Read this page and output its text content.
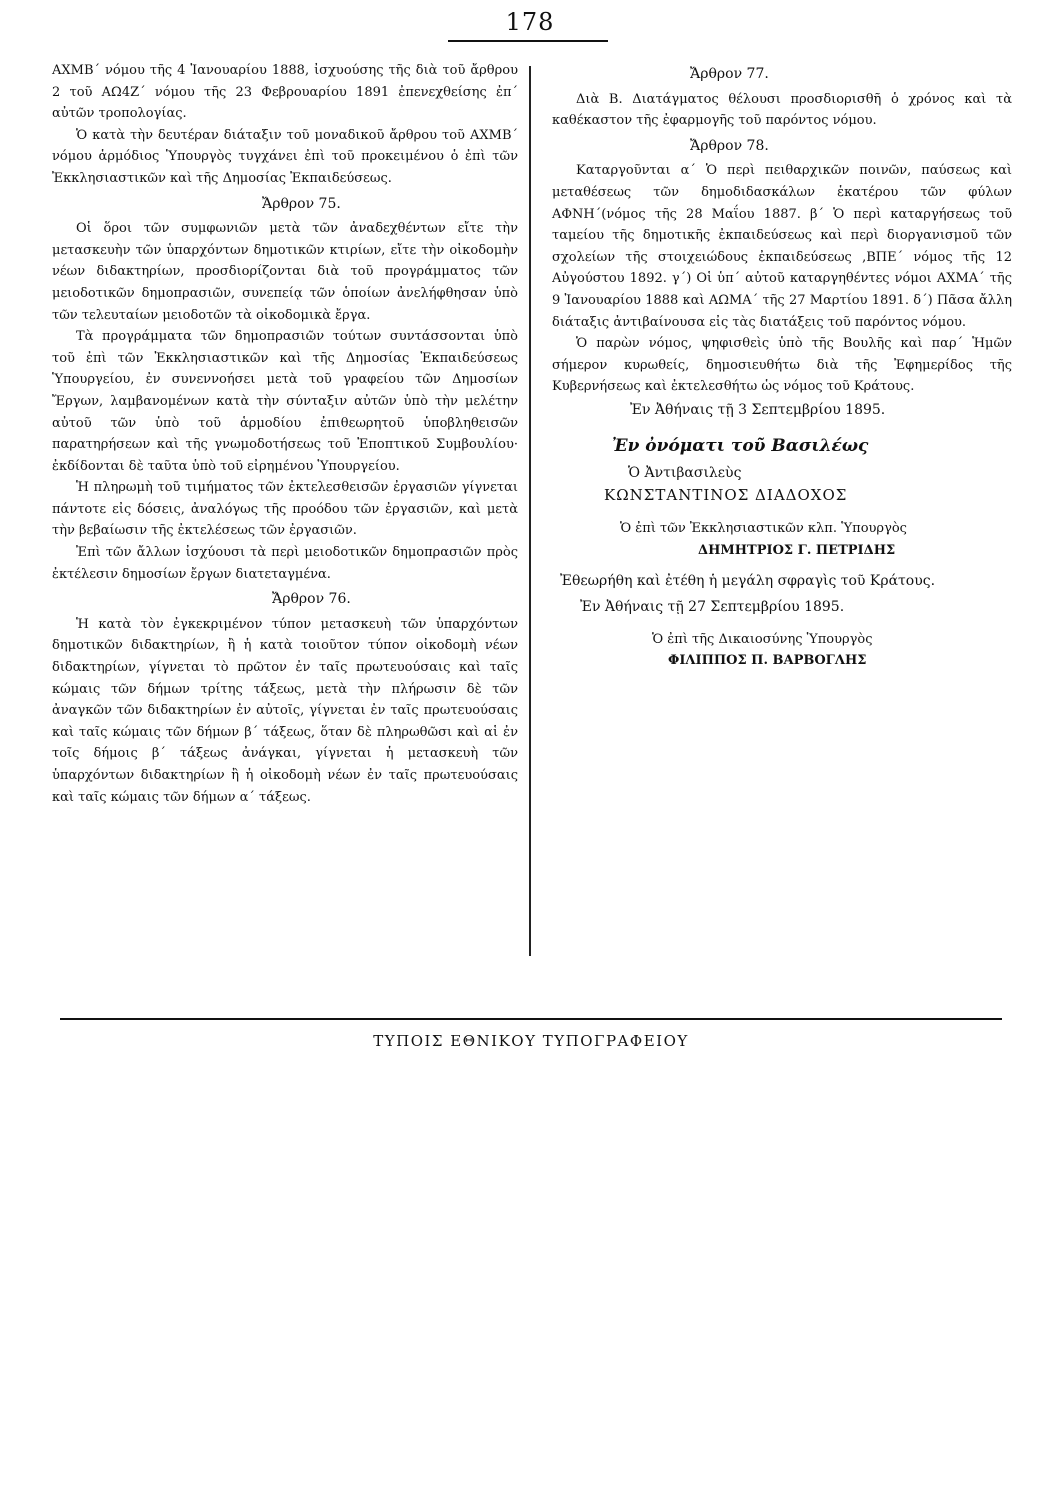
178

ΑΧΜΒ΄ νόμου τῆς 4 Ἰανουαρίου 1888, ἰσχυούσης τῆς διὰ τοῦ ἄρθρου 2 τοῦ ΑΩ4Ζ΄ νόμου τῆς 23 Φεβρουαρίου 1891 ἐπενεχθείσης ἐπ΄ αὐτῶν τροπολογίας.

Ὁ κατὰ τὴν δευτέραν διάταξιν τοῦ μοναδικοῦ ἄρθρου τοῦ ΑΧΜΒ΄ νόμου ἁρμόδιος Ὑπουργὸς τυγχάνει ἐπὶ τοῦ προκειμένου ὁ ἐπὶ τῶν Ἐκκλησιαστικῶν καὶ τῆς Δημοσίας Ἐκπαιδεύσεως.

Ἄρθρον 75.

Οἱ ὅροι τῶν συμφωνιῶν μετὰ τῶν ἀναδεχθέντων εἴτε τὴν μετασκευὴν τῶν ὑπαρχόντων δημοτικῶν κτιρίων, εἴτε τὴν οἰκοδομὴν νέων διδακτηρίων, προσδιορίζονται διὰ τοῦ προγράμματος τῶν μειοδοτικῶν δημοπρασιῶν, συνεπείᾳ τῶν ὁποίων ἀνελήφθησαν ὑπὸ τῶν τελευταίων μειοδοτῶν τὰ οἰκοδομικὰ ἔργα.

Τὰ προγράμματα τῶν δημοπρασιῶν τούτων συντάσσονται ὑπὸ τοῦ ἐπὶ τῶν Ἐκκλησιαστικῶν καὶ τῆς Δημοσίας Ἐκπαιδεύσεως Ὑπουργείου, ἐν συνεννοήσει μετὰ τοῦ γραφείου τῶν Δημοσίων Ἔργων, λαμβανομένων κατὰ τὴν σύνταξιν αὐτῶν ὑπὸ τὴν μελέτην αὐτοῦ τῶν ὑπὸ τοῦ ἁρμοδίου ἐπιθεωρητοῦ ὑποβληθεισῶν παρατηρήσεων καὶ τῆς γνωμοδοτήσεως τοῦ Ἐποπτικοῦ Συμβουλίου· ἐκδίδονται δὲ ταῦτα ὑπὸ τοῦ εἰρημένου Ὑπουργείου.

Ἡ πληρωμὴ τοῦ τιμήματος τῶν ἐκτελεσθεισῶν ἐργασιῶν γίγνεται πάντοτε εἰς δόσεις, ἀναλόγως τῆς προόδου τῶν ἐργασιῶν, καὶ μετὰ τὴν βεβαίωσιν τῆς ἐκτελέσεως τῶν ἐργασιῶν.

Ἐπὶ τῶν ἄλλων ἰσχύουσι τὰ περὶ μειοδοτικῶν δημοπρασιῶν πρὸς ἐκτέλεσιν δημοσίων ἔργων διατεταγμένα.

Ἄρθρον 76.

Ἡ κατὰ τὸν ἐγκεκριμένον τύπον μετασκευὴ τῶν ὑπαρχόντων δημοτικῶν διδακτηρίων, ἢ ἡ κατὰ τοιοῦτον τύπον οἰκοδομὴ νέων διδακτηρίων, γίγνεται τὸ πρῶτον ἐν ταῖς πρωτευούσαις καὶ ταῖς κώμαις τῶν δήμων τρίτης τάξεως, μετὰ τὴν πλήρωσιν δὲ τῶν ἀναγκῶν τῶν διδακτηρίων ἐν αὐτοῖς, γίγνεται ἐν ταῖς πρωτευούσαις καὶ ταῖς κώμαις τῶν δήμων β΄ τάξεως, ὅταν δὲ πληρωθῶσι καὶ αἱ ἐν τοῖς δήμοις β΄ τάξεως ἀνάγκαι, γίγνεται ἡ μετασκευὴ τῶν ὑπαρχόντων διδακτηρίων ἢ ἡ οἰκοδομὴ νέων ἐν ταῖς πρωτευούσαις καὶ ταῖς κώμαις τῶν δήμων α΄ τάξεως.

Ἄρθρον 77.

Διὰ Β. Διατάγματος θέλουσι προσδιορισθῆ ὁ χρόνος καὶ τὰ καθέκαστον τῆς ἐφαρμογῆς τοῦ παρόντος νόμου.

Ἄρθρον 78.

Καταργοῦνται α΄ Ὁ περὶ πειθαρχικῶν ποινῶν, παύσεως καὶ μεταθέσεως τῶν δημοδιδασκάλων ἑκατέρου τῶν φύλων ΑΦΝΗ΄(νόμος τῆς 28 Μαΐου 1887. β΄ Ὁ περὶ καταργήσεως τοῦ ταμείου τῆς δημοτικῆς ἐκπαιδεύσεως καὶ περὶ διοργανισμοῦ τῶν σχολείων τῆς στοιχειώδους ἐκπαιδεύσεως ,ΒΠΕ΄ νόμος τῆς 12 Αὐγούστου 1892. γ΄) Οἱ ὑπ΄ αὐτοῦ καταργηθέντες νόμοι ΑΧΜΑ΄ τῆς 9 Ἰανουαρίου 1888 καὶ ΑΩΜΑ΄ τῆς 27 Μαρτίου 1891. δ΄) Πᾶσα ἄλλη διάταξις ἀντιβαίνουσα εἰς τὰς διατάξεις τοῦ παρόντος νόμου.

Ὁ παρὼν νόμος, ψηφισθεὶς ὑπὸ τῆς Βουλῆς καὶ παρ΄ Ἡμῶν σήμερον κυρωθείς, δημοσιευθήτω διὰ τῆς Ἐφημερίδος τῆς Κυβερνήσεως καὶ ἐκτελεσθήτω ὡς νόμος τοῦ Κράτους.

Ἐν Ἀθήναις τῇ 3 Σεπτεμβρίου 1895.

Ἐν ὀνόματι τοῦ Βασιλέως

Ὁ Ἀντιβασιλεὺς

ΚΩΝΣΤΑΝΤΙΝΟΣ ΔΙΑΔΟΧΟΣ

Ὁ ἐπὶ τῶν Ἐκκλησιαστικῶν κλπ. Ὑπουργὸς

ΔΗΜΗΤΡΙΟΣ Γ. ΠΕΤΡΙΔΗΣ

Ἐθεωρήθη καὶ ἐτέθη ἡ μεγάλη σφραγὶς τοῦ Κράτους.

Ἐν Ἀθήναις τῇ 27 Σεπτεμβρίου 1895.

Ὁ ἐπὶ τῆς Δικαιοσύνης Ὑπουργὸς

ΦΙΛΙΠΠΟΣ Π. ΒΑΡΒΟΓΛΗΣ

ΤΥΠΟΙΣ ΕΘΝΙΚΟΥ ΤΥΠΟΓΡΑΦΕΙΟΥ
